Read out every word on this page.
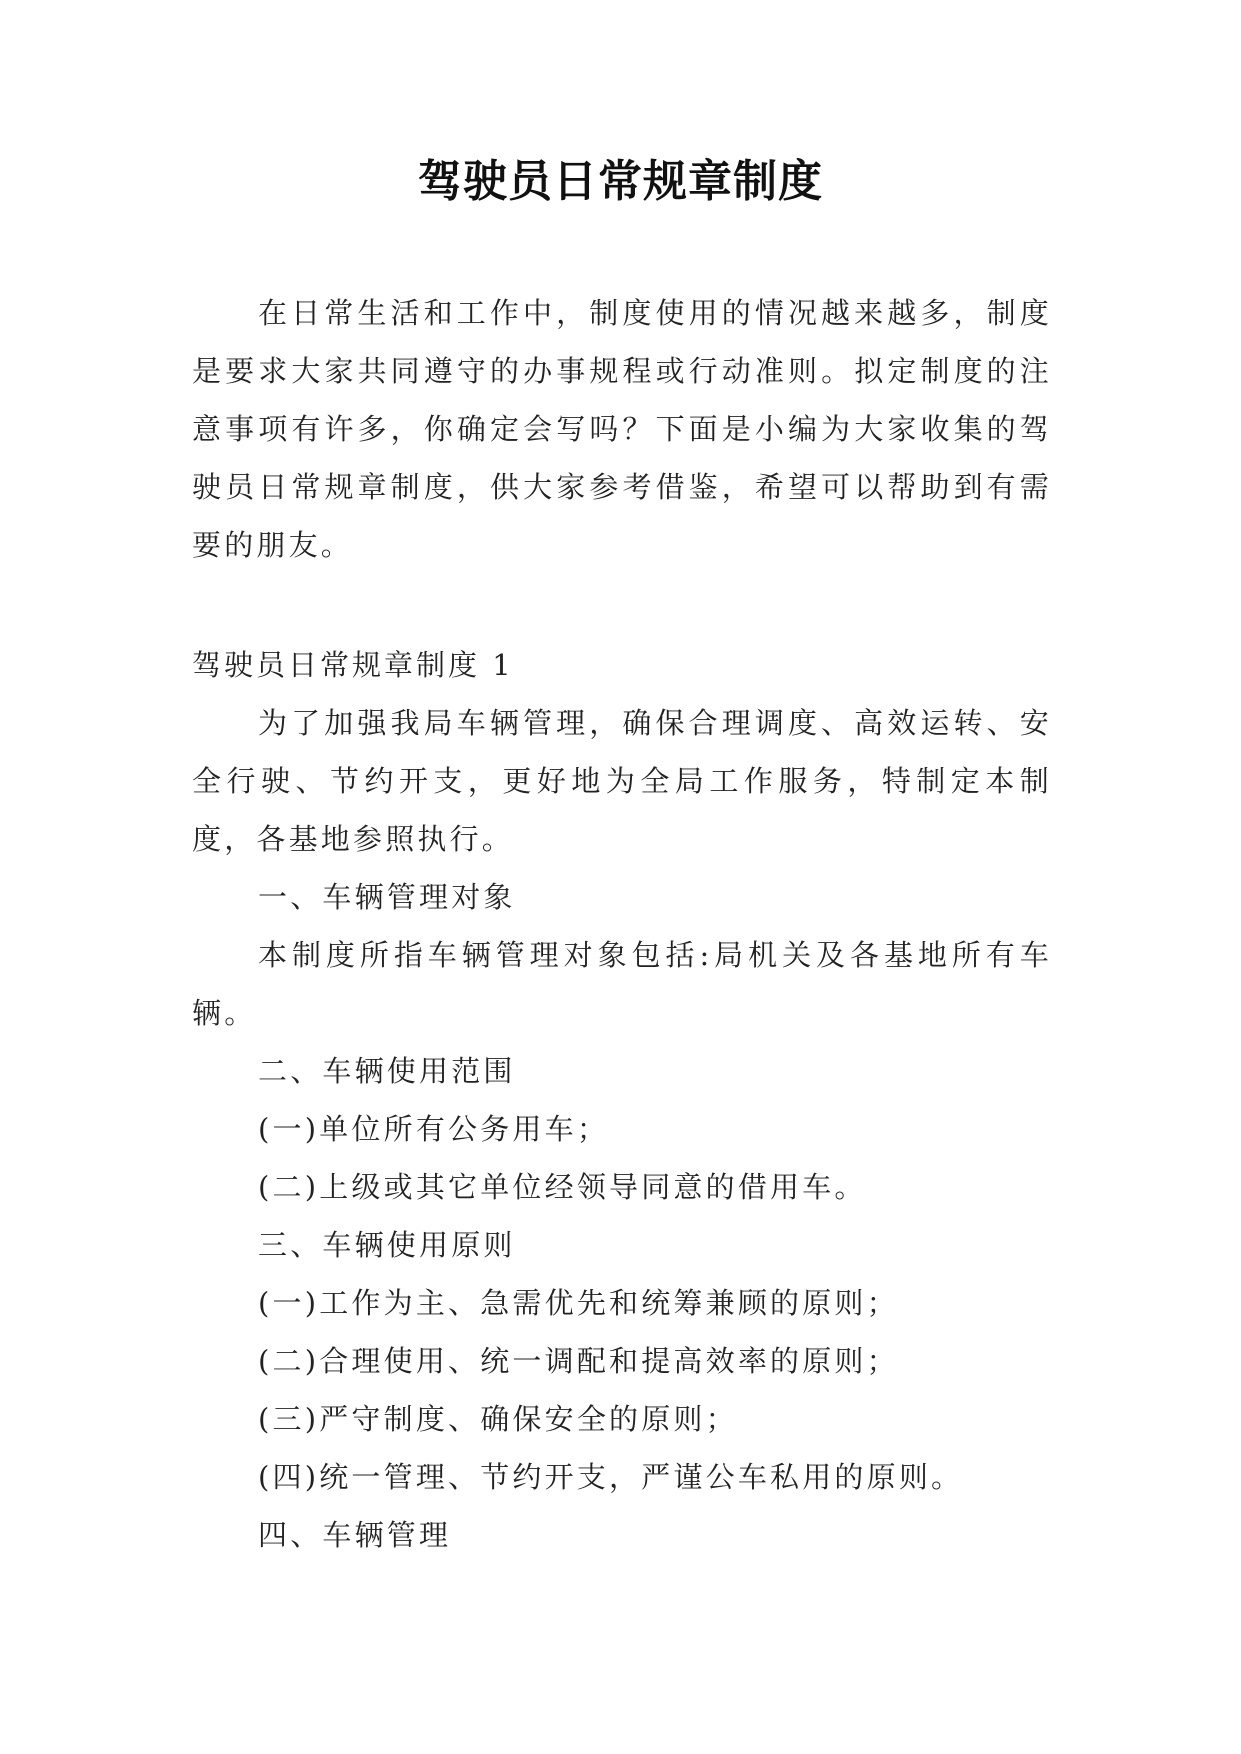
驾驶员日常规章制度
在日常生活和工作中，制度使用的情况越来越多，制度是要求大家共同遵守的办事规程或行动准则。拟定制度的注意事项有许多，你确定会写吗？下面是小编为大家收集的驾驶员日常规章制度，供大家参考借鉴，希望可以帮助到有需要的朋友。
驾驶员日常规章制度 1

为了加强我局车辆管理，确保合理调度、高效运转、安全行驶、节约开支，更好地为全局工作服务，特制定本制度，各基地参照执行。

一、车辆管理对象

本制度所指车辆管理对象包括:局机关及各基地所有车辆。

二、车辆使用范围

(一)单位所有公务用车；

(二)上级或其它单位经领导同意的借用车。

三、车辆使用原则

(一)工作为主、急需优先和统筹兼顾的原则；

(二)合理使用、统一调配和提高效率的原则；

(三)严守制度、确保安全的原则；

(四)统一管理、节约开支，严谨公车私用的原则。

四、车辆管理
